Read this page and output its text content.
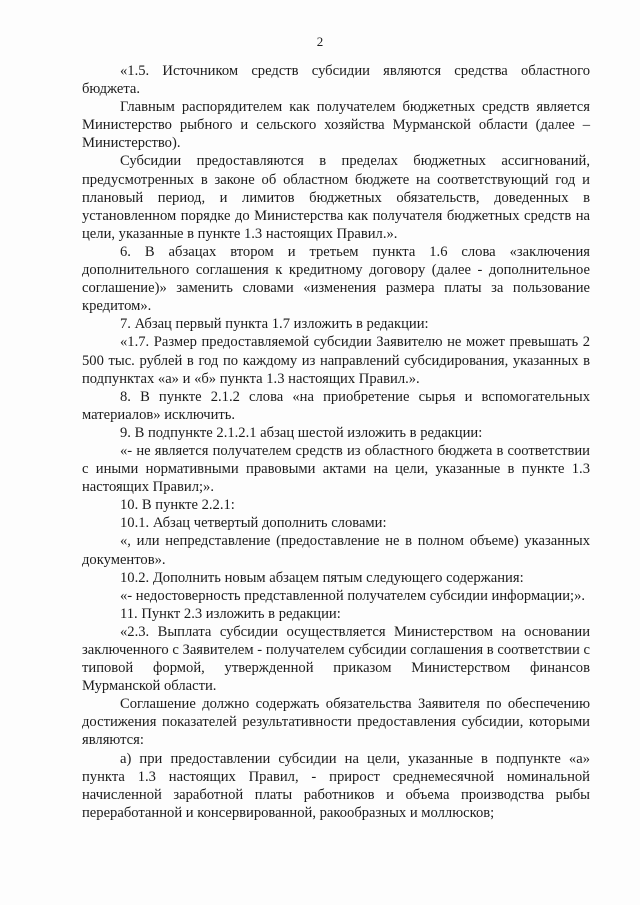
2

«1.5. Источником средств субсидии являются средства областного бюджета.

Главным распорядителем как получателем бюджетных средств является Министерство рыбного и сельского хозяйства Мурманской области (далее – Министерство).

Субсидии предоставляются в пределах бюджетных ассигнований, предусмотренных в законе об областном бюджете на соответствующий год и плановый период, и лимитов бюджетных обязательств, доведенных в установленном порядке до Министерства как получателя бюджетных средств на цели, указанные в пункте 1.3 настоящих Правил.».

6. В абзацах втором и третьем пункта 1.6 слова «заключения дополнительного соглашения к кредитному договору (далее - дополнительное соглашение)» заменить словами «изменения размера платы за пользование кредитом».

7. Абзац первый пункта 1.7 изложить в редакции:

«1.7. Размер предоставляемой субсидии Заявителю не может превышать 2 500 тыс. рублей в год по каждому из направлений субсидирования, указанных в подпунктах «а» и «б» пункта 1.3 настоящих Правил.».

8. В пункте 2.1.2 слова «на приобретение сырья и вспомогательных материалов» исключить.

9. В подпункте 2.1.2.1 абзац шестой изложить в редакции:

«- не является получателем средств из областного бюджета в соответствии с иными нормативными правовыми актами на цели, указанные в пункте 1.3 настоящих Правил;».

10. В пункте 2.2.1:

10.1. Абзац четвертый дополнить словами:

«, или непредставление (предоставление не в полном объеме) указанных документов».

10.2. Дополнить новым абзацем пятым следующего содержания:

«- недостоверность представленной получателем субсидии информации;».

11. Пункт 2.3 изложить в редакции:

«2.3. Выплата субсидии осуществляется Министерством на основании заключенного с Заявителем - получателем субсидии соглашения в соответствии с типовой формой, утвержденной приказом Министерством финансов Мурманской области.

Соглашение должно содержать обязательства Заявителя по обеспечению достижения показателей результативности предоставления субсидии, которыми являются:

а) при предоставлении субсидии на цели, указанные в подпункте «а» пункта 1.3 настоящих Правил, - прирост среднемесячной номинальной начисленной заработной платы работников и объема производства рыбы переработанной и консервированной, ракообразных и моллюсков;
